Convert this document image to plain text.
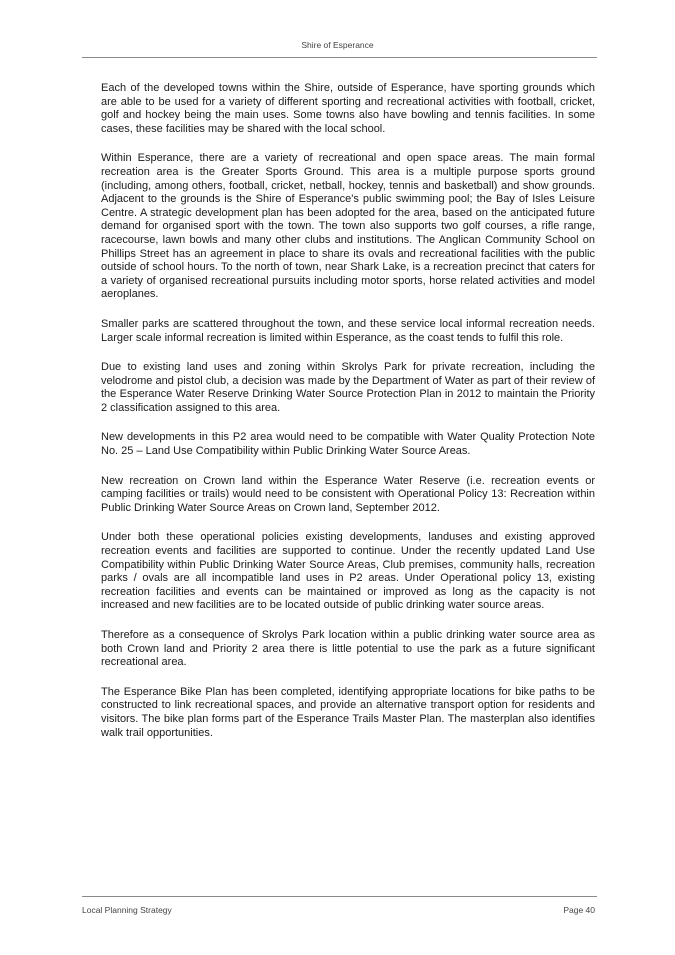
Shire of Esperance

Each of the developed towns within the Shire, outside of Esperance, have sporting grounds which are able to be used for a variety of different sporting and recreational activities with football, cricket, golf and hockey being the main uses. Some towns also have bowling and tennis facilities. In some cases, these facilities may be shared with the local school.

Within Esperance, there are a variety of recreational and open space areas. The main formal recreation area is the Greater Sports Ground. This area is a multiple purpose sports ground (including, among others, football, cricket, netball, hockey, tennis and basketball) and show grounds. Adjacent to the grounds is the Shire of Esperance's public swimming pool; the Bay of Isles Leisure Centre. A strategic development plan has been adopted for the area, based on the anticipated future demand for organised sport with the town. The town also supports two golf courses, a rifle range, racecourse, lawn bowls and many other clubs and institutions. The Anglican Community School on Phillips Street has an agreement in place to share its ovals and recreational facilities with the public outside of school hours. To the north of town, near Shark Lake, is a recreation precinct that caters for a variety of organised recreational pursuits including motor sports, horse related activities and model aeroplanes.

Smaller parks are scattered throughout the town, and these service local informal recreation needs. Larger scale informal recreation is limited within Esperance, as the coast tends to fulfil this role.

Due to existing land uses and zoning within Skrolys Park for private recreation, including the velodrome and pistol club, a decision was made by the Department of Water as part of their review of the Esperance Water Reserve Drinking Water Source Protection Plan in 2012 to maintain the Priority 2 classification assigned to this area.

New developments in this P2 area would need to be compatible with Water Quality Protection Note No. 25 – Land Use Compatibility within Public Drinking Water Source Areas.

New recreation on Crown land within the Esperance Water Reserve (i.e. recreation events or camping facilities or trails) would need to be consistent with Operational Policy 13: Recreation within Public Drinking Water Source Areas on Crown land, September 2012.

Under both these operational policies existing developments, landuses and existing approved recreation events and facilities are supported to continue. Under the recently updated Land Use Compatibility within Public Drinking Water Source Areas, Club premises, community halls, recreation parks / ovals are all incompatible land uses in P2 areas. Under Operational policy 13, existing recreation facilities and events can be maintained or improved as long as the capacity is not increased and new facilities are to be located outside of public drinking water source areas.

Therefore as a consequence of Skrolys Park location within a public drinking water source area as both Crown land and Priority 2 area there is little potential to use the park as a future significant recreational area.

The Esperance Bike Plan has been completed, identifying appropriate locations for bike paths to be constructed to link recreational spaces, and provide an alternative transport option for residents and visitors. The bike plan forms part of the Esperance Trails Master Plan. The masterplan also identifies walk trail opportunities.

Local Planning Strategy	Page 40
